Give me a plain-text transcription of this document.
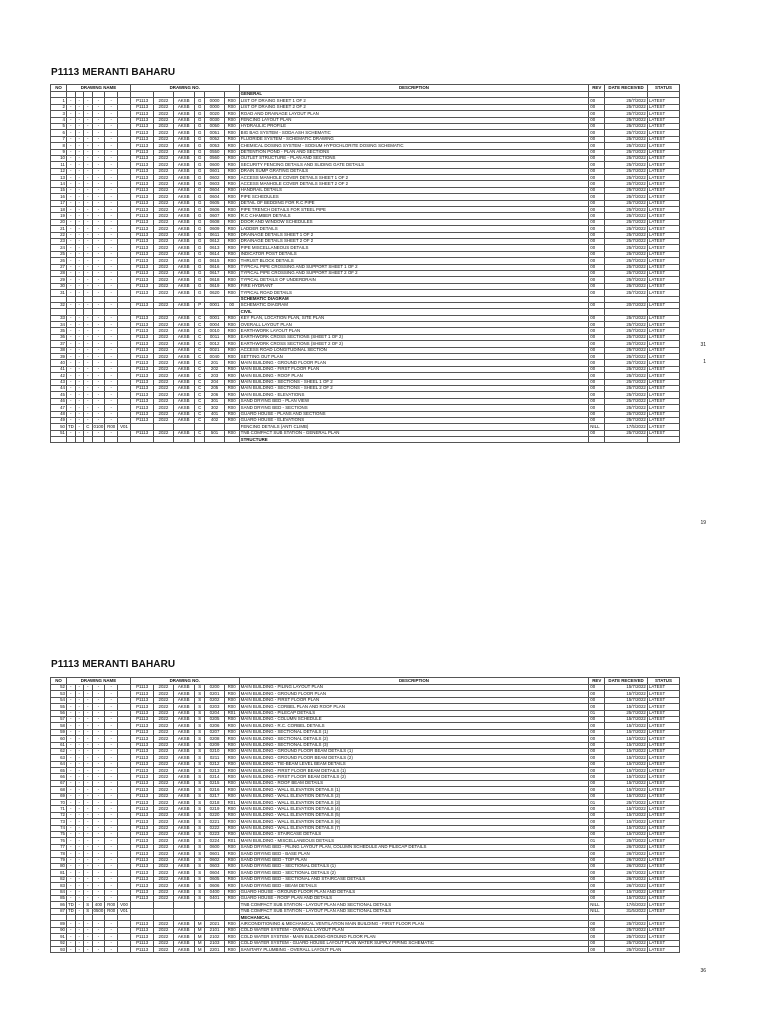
P1113 MERANTI BAHARU
NO	DRAWING NAME						DRAWING NO.						DESCRIPTION	REV	DATE RECEIVED	STATUS
													GENERAL			
1	-	-	-	-	-		P1113	2022	AKSB	G	0000	R00	LIST OF DRAING SHEET 1 OF 2	00	25/7/2022	LATEST
2	-	-	-	-	-		P1113	2022	AKSB	G	0000	R00	LIST OF DRAING SHEET 2 OF 2	00	25/7/2022	LATEST
3	-	-	-	-	-		P1113	2022	AKSB	G	0020	R00	ROAD AND DRAINAGE LAYOUT PLAN	00	25/7/2022	LATEST
4	-	-	-	-	-		P1113	2022	AKSB	G	0030	R00	FENCING LAYOUT PLAN	00	25/7/2022	LATEST
5	-	-	-	-	-		P1113	2022	AKSB	G	0050	R00	HYDRAULIC PROFILE	00	25/7/2022	LATEST
6	-	-	-	-	-		P1113	2022	AKSB	G	0051	R00	BIG BAG SYSTEM - SODA ASH SCHEMATIC	00	25/7/2022	LATEST
7	-	-	-	-	-		P1113	2022	AKSB	G	0052	R00	FLUORIDE SYSTEM - SCHEMATIC DRAWING	00	25/7/2022	LATEST
8	-	-	-	-	-		P1113	2022	AKSB	G	0053	R00	CHEMICAL DOSING SYSTEM - SODIUM HYPOCHLORITE DOSING SCHEMATIC	00	25/7/2022	LATEST
9	-	-	-	-	-		P1113	2022	AKSB	G	0550	R00	DETENTION POND - PLAN AND SECTIONS	00	25/7/2022	LATEST
10	-	-	-	-	-		P1113	2022	AKSB	G	0560	R00	OUTLET STRUCTURE - PLAN AND SECTIONS	00	25/7/2022	LATEST
11	-	-	-	-	-		P1113	2022	AKSB	G	0600	R00	SECURITY FENCING DETAILS AND SLIDING GATE DETAILS	00	25/7/2022	LATEST
12	-	-	-	-	-		P1113	2022	AKSB	G	0601	R00	DRAIN SUMP GRATING DETAILS	00	25/7/2022	LATEST
13	-	-	-	-	-		P1113	2022	AKSB	G	0602	R00	ACCESS MANHOLE COVER DETAILS SHEET 1 OF 2	00	25/7/2022	LATEST
14	-	-	-	-	-		P1113	2022	AKSB	G	0603	R00	ACCESS MANHOLE COVER DETAILS SHEET 2 OF 2	00	25/7/2022	LATEST
15	-	-	-	-	-		P1113	2022	AKSB	G	0604	R00	HANDRAIL DETAILS	00	25/7/2022	LATEST
16	-	-	-	-	-		P1113	2022	AKSB	G	0604	R00	PIPE SCHEDULES	00	25/7/2022	LATEST
17	-	-	-	-	-		P1113	2022	AKSB	G	0605	R00	DETAIL OF BEDDING FOR R.C PIPE	00	25/7/2022	LATEST
18	-	-	-	-	-		P1113	2022	AKSB	G	0606	R00	PIPE TRENCH DETAILS FOR STEEL PIPE	00	25/7/2022	LATEST
19	-	-	-	-	-		P1113	2022	AKSB	G	0607	R00	R.C CHAMBER DETAILS	00	25/7/2022	LATEST
20	-	-	-	-	-		P1113	2022	AKSB	G	0608	R00	DOOR AND WINDOW SCHEDULES	00	25/7/2022	LATEST
21	-	-	-	-	-		P1113	2022	AKSB	G	0609	R00	LADDER DETAILS	00	25/7/2022	LATEST
22	-	-	-	-	-		P1113	2022	AKSB	G	0611	R00	DRAINAGE DETAILS SHEET 1 OF 2	00	25/7/2022	LATEST
23	-	-	-	-	-		P1113	2022	AKSB	G	0612	R00	DRAINAGE DETAILS SHEET 2 OF 2	00	25/7/2022	LATEST
24	-	-	-	-	-		P1113	2022	AKSB	G	0613	R00	PIPE MISCELLANEOUS DETAILS	00	25/7/2022	LATEST
25	-	-	-	-	-		P1113	2022	AKSB	G	0614	R00	INDICATOR POST DETAILS	00	25/7/2022	LATEST
26	-	-	-	-	-		P1113	2022	AKSB	G	0615	R00	THRUST BLOCK DETAILS	00	25/7/2022	LATEST
27	-	-	-	-	-		P1113	2022	AKSB	G	0616	R00	TYPICAL PIPE CROSSING AND SUPPORT SHEET 1 OF 2	00	25/7/2022	LATEST
28	-	-	-	-	-		P1113	2022	AKSB	G	0617	R00	TYPICAL PIPE CROSSING AND SUPPORT SHEET 2 OF 2	00	25/7/2022	LATEST
29	-	-	-	-	-		P1113	2022	AKSB	G	0618	R00	TYPICAL DETAILS OF UNDERDRAIN	00	25/7/2022	LATEST
30	-	-	-	-	-		P1113	2022	AKSB	G	0619	R00	FIRE HYDRANT	00	25/7/2022	LATEST
31	-	-	-	-	-		P1113	2022	AKSB	G	0620	R00	TYPICAL ROAD DETAILS	00	25/7/2022	LATEST
													SCHEMATIC DIAGRAM			
32	-	-	-	-	-		P1113	2022	AKSB	P	0001	00	SCHEMATIC DIAGRAM	00	20/7/2022	LATEST
													CIVIL			
33	-	-	-	-	-		P1113	2022	AKSB	C	0001	R00	KEY PLAN, LOCATION PLAN, SITE PLAN	00	25/7/2022	LATEST
34	-	-	-	-	-		P1113	2022	AKSB	C	0004	R00	OVERALL LAYOUT PLAN	00	25/7/2022	LATEST
35	-	-	-	-	-		P1113	2022	AKSB	C	0010	R00	EARTHWORK LAYOUT PLAN	00	25/7/2022	LATEST
36	-	-	-	-	-		P1113	2022	AKSB	C	0011	R00	EARTHWORK CROSS SECTIONS (SHEET 1 OF 2)	00	25/7/2022	LATEST
37	-	-	-	-	-		P1113	2022	AKSB	C	0012	R00	EARTHWORK CROSS SECTIONS (SHEET 2 OF 2)	00	25/7/2022	LATEST
38	-	-	-	-	-		P1113	2022	AKSB	C	0021	R00	ACCESS ROAD LONGITUDINAL SECTION	00	25/7/2022	LATEST
39	-	-	-	-	-		P1113	2022	AKSB	C	0040	R00	SETTING OUT PLAN	00	25/7/2022	LATEST
40	-	-	-	-	-		P1113	2022	AKSB	C	201	R00	MAIN BUILDING - GROUND FLOOR PLAN	00	25/7/2022	LATEST
41	-	-	-	-	-		P1113	2022	AKSB	C	202	R00	MAIN BUILDING - FIRST FLOOR PLAN	00	25/7/2022	LATEST
42	-	-	-	-	-		P1113	2022	AKSB	C	203	R00	MAIN BUILDING - ROOF PLAN	00	25/7/2022	LATEST
43	-	-	-	-	-		P1113	2022	AKSB	C	204	R00	MAIN BUILDING - SECTIONS - SHEEL 1 OF 2	00	25/7/2022	LATEST
44	-	-	-	-	-		P1113	2022	AKSB	C	205	R00	MAIN BUILDING - SECTIONS - SHEEL 2 OF 2	00	25/7/2022	LATEST
45	-	-	-	-	-		P1113	2022	AKSB	C	206	R00	MAIN BUILDING - ELEVATIONS	00	25/7/2022	LATEST
46	-	-	-	-	-		P1113	2022	AKSB	C	301	R00	SAND DRYING BED - PLAN VIEW	00	25/7/2022	LATEST
47	-	-	-	-	-		P1113	2022	AKSB	C	302	R00	SAND DRYING BED - SECTIONS	00	25/7/2022	LATEST
48	-	-	-	-	-		P1113	2022	AKSB	C	401	R00	GUARD HOUSE - PLANS AND SECTIONS	00	25/7/2022	LATEST
49	-	-	-	-	-		P1113	2022	AKSB	C	402	R00	GUARD HOUSE - ELEVATIONS	00	25/7/2022	LATEST
50	TD	-	C	0100	R00	V01							FENCING DETAILS (ANTI CLIMB)	NILL	17/5/2022	LATEST
51	-	-	-	-	-		P1113	2022	AKSB	C	501	R00	TNB COMPACT SUB STATION - GENERAL PLAN	00	25/7/2022	LATEST
													STRUCTURE			
31
1
19
P1113 MERANTI BAHARU
NO	DRAWING NAME						DRAWING NO.						DESCRIPTION	REV	DATE RECEIVED	STATUS
52	-	-	-	-	-		P1113	2022	AKSB	S	0200	R00	MAIN BUILDING - PILING LAYOUT PLAN	00	15/7/2022	LATEST
53	-	-	-	-	-		P1113	2022	AKSB	S	0201	R00	MAIN BUILDING - GROUND FLOOR PLAN	00	15/7/2022	LATEST
54	-	-	-	-	-		P1113	2022	AKSB	S	0202	R00	MAIN BUILDING - FIRST FLOOR PLAN	00	15/7/2022	LATEST
55	-	-	-	-	-		P1113	2022	AKSB	S	0203	R00	MAIN BUILDING - CORBEL PLAN AND ROOF PLAN	00	15/7/2022	LATEST
56	-	-	-	-	-		P1113	2022	AKSB	S	0204	R01	MAIN BUILDING - PILECAP DETAILS	01	25/7/2022	LATEST
57	-	-	-	-	-		P1113	2022	AKSB	S	0205	R00	MAIN BUILDING - COLUMN SCHEDULE	00	15/7/2022	LATEST
58	-	-	-	-	-		P1113	2022	AKSB	S	0206	R00	MAIN BUILDING - R.C. CORBEL DETAILS	00	15/7/2022	LATEST
59	-	-	-	-	-		P1113	2022	AKSB	S	0207	R00	MAIN BUILDING - SECTIONAL DETAILS (1)	00	15/7/2022	LATEST
60	-	-	-	-	-		P1113	2022	AKSB	S	0208	R00	MAIN BUILDING - SECTIONAL DETAILS (2)	00	15/7/2022	LATEST
61	-	-	-	-	-		P1113	2022	AKSB	S	0209	R00	MAIN BUILDING - SECTIONAL DETAILS (3)	00	15/7/2022	LATEST
62	-	-	-	-	-		P1113	2022	AKSB	S	0210	R00	MAIN BUILDING - GROUND FLOOR BEAM DETAILS (1)	00	15/7/2022	LATEST
63	-	-	-	-	-		P1113	2022	AKSB	S	0211	R00	MAIN BUILDING - GROUND FLOOR BEAM DETAILS (2)	00	15/7/2022	LATEST
64	-	-	-	-	-		P1113	2022	AKSB	S	0212	R00	MAIN BUILDING - TIE-BEAM LEVEL BEAM DETAILS	00	15/7/2022	LATEST
65	-	-	-	-	-		P1113	2022	AKSB	S	0213	R00	MAIN BUILDING - FIRST FLOOR BEAM DETAILS (1)	00	15/7/2022	LATEST
66	-	-	-	-	-		P1113	2022	AKSB	S	0214	R00	MAIN BUILDING - FIRST FLOOR BEAM DETAILS (2)	00	15/7/2022	LATEST
67	-	-	-	-	-		P1113	2022	AKSB	S	0215	R00	MAIN BUILDING - ROOF BEAM DETAILS	00	15/7/2022	LATEST
68	-	-	-	-	-		P1113	2022	AKSB	S	0216	R00	MAIN BUILDING - WALL ELEVATION DETAILS (1)	00	15/7/2022	LATEST
69	-	-	-	-	-		P1113	2022	AKSB	S	0217	R00	MAIN BUILDING - WALL ELEVATION DETAILS (2)	00	15/7/2022	LATEST
70	-	-	-	-	-		P1113	2022	AKSB	S	0218	R01	MAIN BUILDING - WALL ELEVATION DETAILS (3)	01	25/7/2022	LATEST
71	-	-	-	-	-		P1113	2022	AKSB	S	0219	R00	MAIN BUILDING - WALL ELEVATION DETAILS (4)	00	15/7/2022	LATEST
72	-	-	-	-	-		P1113	2022	AKSB	S	0220	R00	MAIN BUILDING - WALL ELEVATION DETAILS (5)	00	15/7/2022	LATEST
73	-	-	-	-	-		P1113	2022	AKSB	S	0221	R00	MAIN BUILDING - WALL ELEVATION DETAILS (6)	00	15/7/2022	LATEST
74	-	-	-	-	-		P1113	2022	AKSB	S	0222	R00	MAIN BUILDING - WALL ELEVATION DETAILS (7)	00	15/7/2022	LATEST
75	-	-	-	-	-		P1113	2022	AKSB	S	0223	R00	MAIN BUILDING - STAIRCASE DETAILS	00	15/7/2022	LATEST
76	-	-	-	-	-		P1113	2022	AKSB	S	0224	R01	MAIN BUILDING - MISCELLANEOUS DETAILS	01	25/7/2022	LATEST
77	-	-	-	-	-		P1113	2022	AKSB	S	0600	R00	SAND DRYING BED - PILING LAYOUT PLAN, COLUMN SCHEDULE AND PILECAP DETAILS	00	26/7/2022	LATEST
78	-	-	-	-	-		P1113	2022	AKSB	S	0601	R00	SAND DRYING BED - BASE PLAN	00	26/7/2022	LATEST
79	-	-	-	-	-		P1113	2022	AKSB	S	0602	R00	SAND DRYING BED - TOP PLAN	00	26/7/2022	LATEST
80	-	-	-	-	-		P1113	2022	AKSB	S	0603	R00	SAND DRYING BED - SECTIONAL DETAILS (1)	00	26/7/2022	LATEST
81	-	-	-	-	-		P1113	2022	AKSB	S	0604	R00	SAND DRYING BED - SECTIONAL DETAILS (2)	00	26/7/2022	LATEST
82	-	-	-	-	-		P1113	2022	AKSB	S	0605	R00	SAND DRYING BED - SECTIONAL AND STAIRCASE DETAILS	00	26/7/2022	LATEST
83	-	-	-	-	-		P1113	2022	AKSB	S	0606	R00	SAND DRYING BED - BEAM DETAILS	00	26/7/2022	LATEST
84	-	-	-	-	-		P1113	2022	AKSB	S	0400	R00	GUARD HOUSE - GROUND FLOOR PLAN AND DETAILS	00	15/7/2022	LATEST
85	-	-	-	-	-		P1113	2022	AKSB	S	0401	R00	GUARD HOUSE - ROOF PLAN AND DETAILS	00	15/7/2022	LATEST
86	TD	-	S	400	R00	V00							TNB COMPACT SUB STATION - LAYOUT PLAN AND SECTIONAL DETAILS	NILL	17/6/2022	LATEST
87	TD	-	S	0500	R00	V01							TNB COMPACT SUB STATION - LAYOUT PLAN AND SECTIONAL DETAILS	NILL	31/5/2022	LATEST
													MECHANICAL			
89	-	-	-	-	-		P1113	2022	AKSB	M	2021	R00	AIRCONDITIONING & MECHANICAL VENTILATION MAIN BUILDING - FIRST FLOOR PLAN	00	25/7/2022	LATEST
90	-	-	-	-	-		P1113	2022	AKSB	M	2101	R00	COLD WATER SYSTEM - OVERALL LAYOUT PLAN	00	25/7/2022	LATEST
91	-	-	-	-	-		P1113	2022	AKSB	M	2102	R00	COLD WATER SYSTEM - MAIN BUILDING-GROUND FLOOR PLAN	00	25/7/2022	LATEST
92	-	-	-	-	-		P1113	2022	AKSB	M	2103	R00	COLD WATER SYSTEM - GUARD HOUSE LAYOUT PLAN WATER SUPPLY PIPING SCHEMATIC	00	25/7/2022	LATEST
93	-	-	-	-	-		P1113	2022	AKSB	M	2201	R00	SANITARY PLUMBING - OVERALL LAYOUT PLAN	00	25/7/2022	LATEST
36
